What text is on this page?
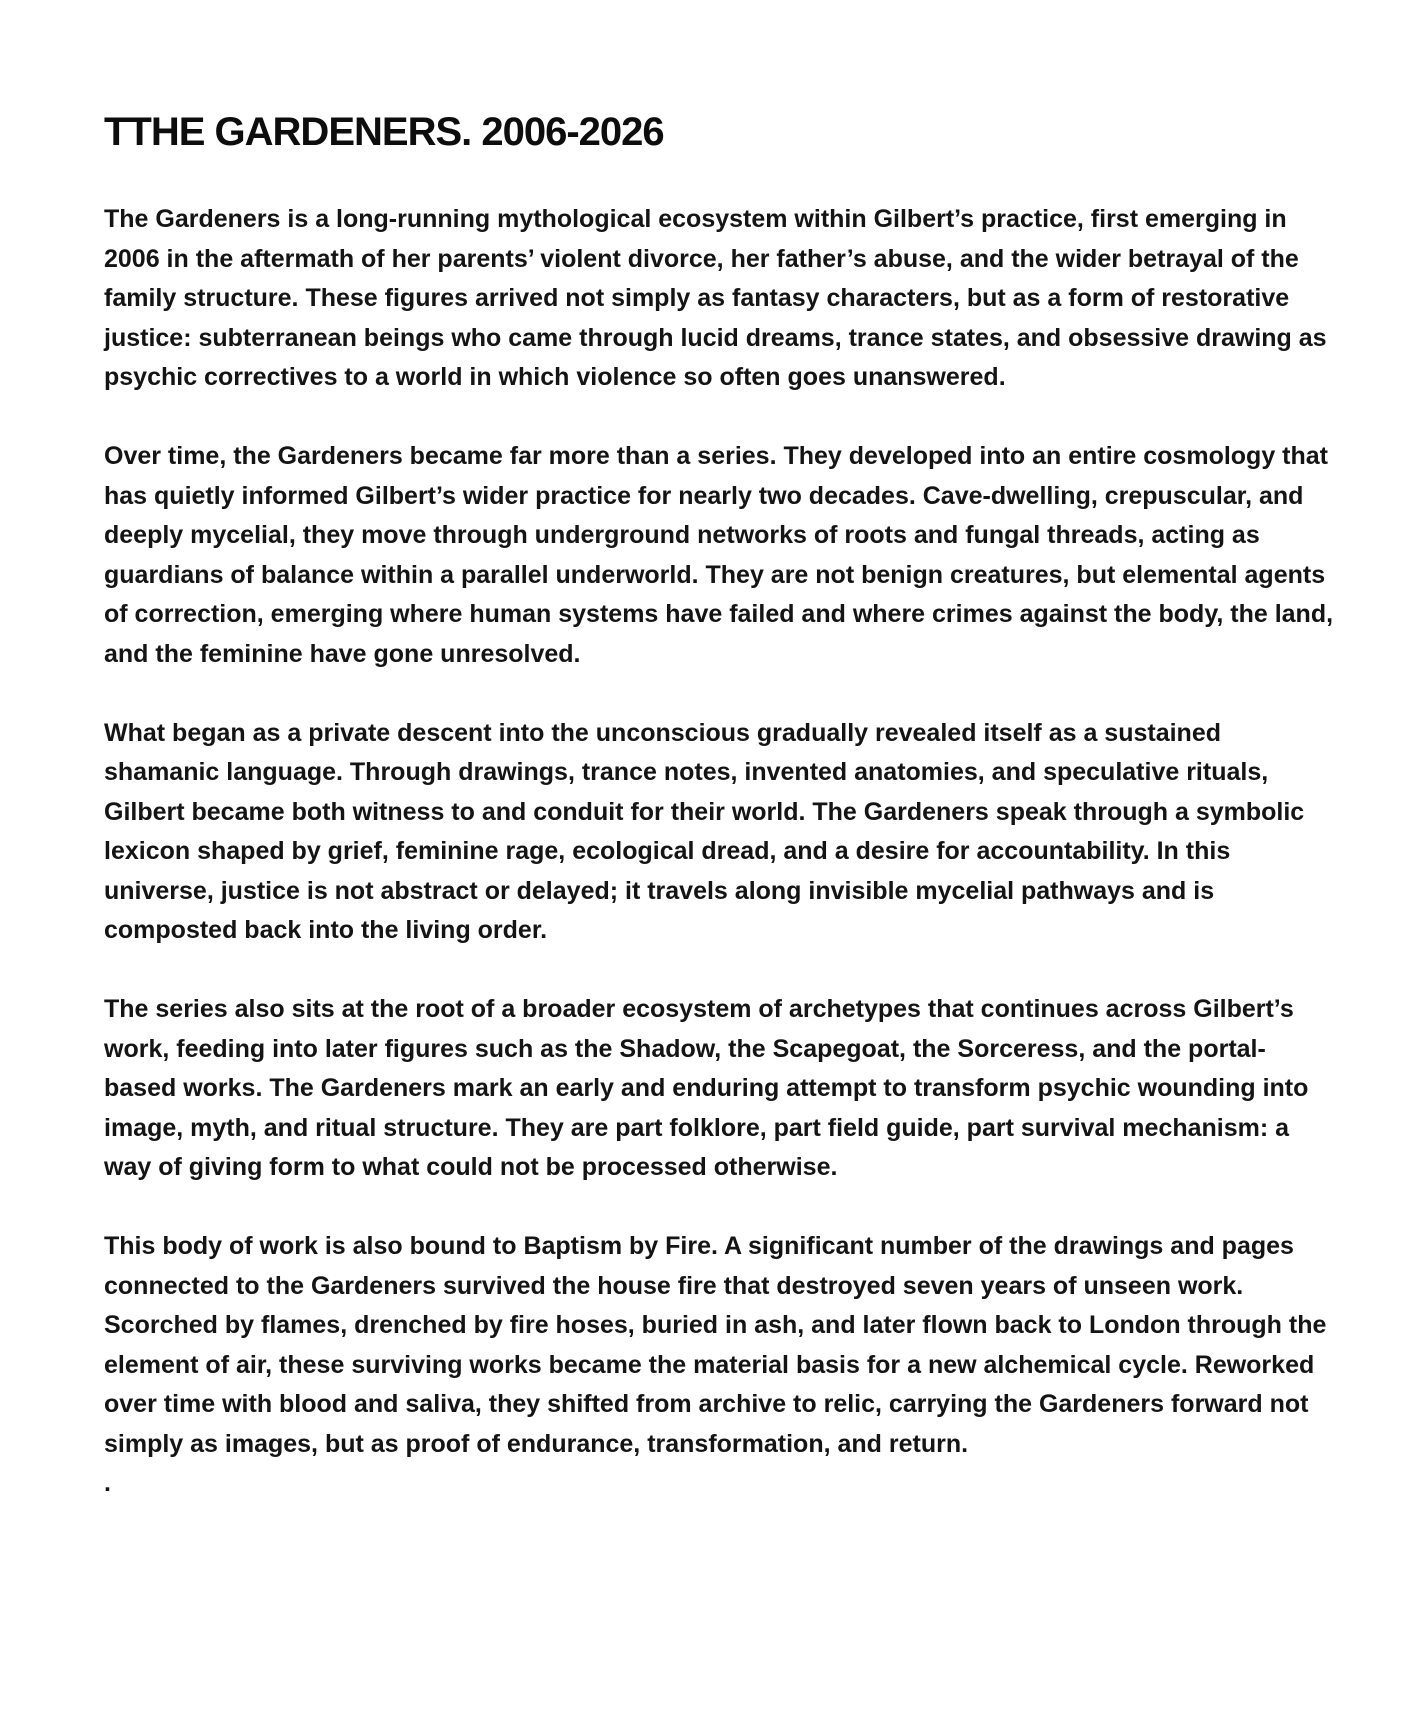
TTHE GARDENERS. 2006-2026

The Gardeners is a long-running mythological ecosystem within Gilbert’s practice, first emerging in 2006 in the aftermath of her parents’ violent divorce, her father’s abuse, and the wider betrayal of the family structure. These figures arrived not simply as fantasy characters, but as a form of restorative justice: subterranean beings who came through lucid dreams, trance states, and obsessive drawing as psychic correctives to a world in which violence so often goes unanswered.

Over time, the Gardeners became far more than a series. They developed into an entire cosmology that has quietly informed Gilbert’s wider practice for nearly two decades. Cave-dwelling, crepuscular, and deeply mycelial, they move through underground networks of roots and fungal threads, acting as guardians of balance within a parallel underworld. They are not benign creatures, but elemental agents of correction, emerging where human systems have failed and where crimes against the body, the land, and the feminine have gone unresolved.

What began as a private descent into the unconscious gradually revealed itself as a sustained shamanic language. Through drawings, trance notes, invented anatomies, and speculative rituals, Gilbert became both witness to and conduit for their world. The Gardeners speak through a symbolic lexicon shaped by grief, feminine rage, ecological dread, and a desire for accountability. In this universe, justice is not abstract or delayed; it travels along invisible mycelial pathways and is composted back into the living order.

The series also sits at the root of a broader ecosystem of archetypes that continues across Gilbert’s work, feeding into later figures such as the Shadow, the Scapegoat, the Sorceress, and the portal-based works. The Gardeners mark an early and enduring attempt to transform psychic wounding into image, myth, and ritual structure. They are part folklore, part field guide, part survival mechanism: a way of giving form to what could not be processed otherwise.

This body of work is also bound to Baptism by Fire. A significant number of the drawings and pages connected to the Gardeners survived the house fire that destroyed seven years of unseen work. Scorched by flames, drenched by fire hoses, buried in ash, and later flown back to London through the element of air, these surviving works became the material basis for a new alchemical cycle. Reworked over time with blood and saliva, they shifted from archive to relic, carrying the Gardeners forward not simply as images, but as proof of endurance, transformation, and return.

.
